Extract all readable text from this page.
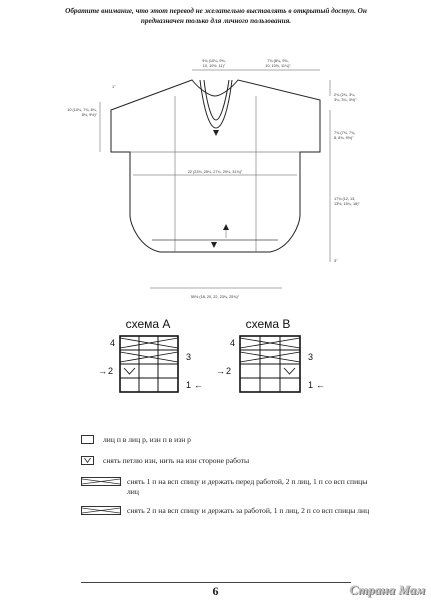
Обратите внимание, что этот перевод не желательно выставлять в открытый доступ. Он
предназначен только для личного пользования.
9¾ (10¼, 9¾,
10, 10½, 11)"
7¾ (8¼, 9¾,
10, 10½, 11¼)"
10 (10¼, 7¾, 8¼,
8¾, 9½)"
2¾ (2¾, 3¼,
3¼, 3¼, 3½)"
7¾ (7¾, 7¾,
8, 8¾, 9½)"
22 (23¾, 25¼, 27¼, 29¼, 31¾)"
17¾ (12, 13,
13½, 15¼, 18)"
3"
50½ (18, 20, 22, 23¾, 25¾)"
1"
схема А
4
3
→ 2
1 ←
схема В
4
3
→ 2
1 ←
лиц п в лиц р, изн п в изн р
снять петлю изн, нить на изн стороне работы
снять 1 п на всп спицу и держать перед работой, 2 п лиц, 1 п со всп спицы лиц
снять 2 п на всп спицу и держать за работой, 1 п лиц, 2 п со всп спицы лиц
6	Страна Мам
